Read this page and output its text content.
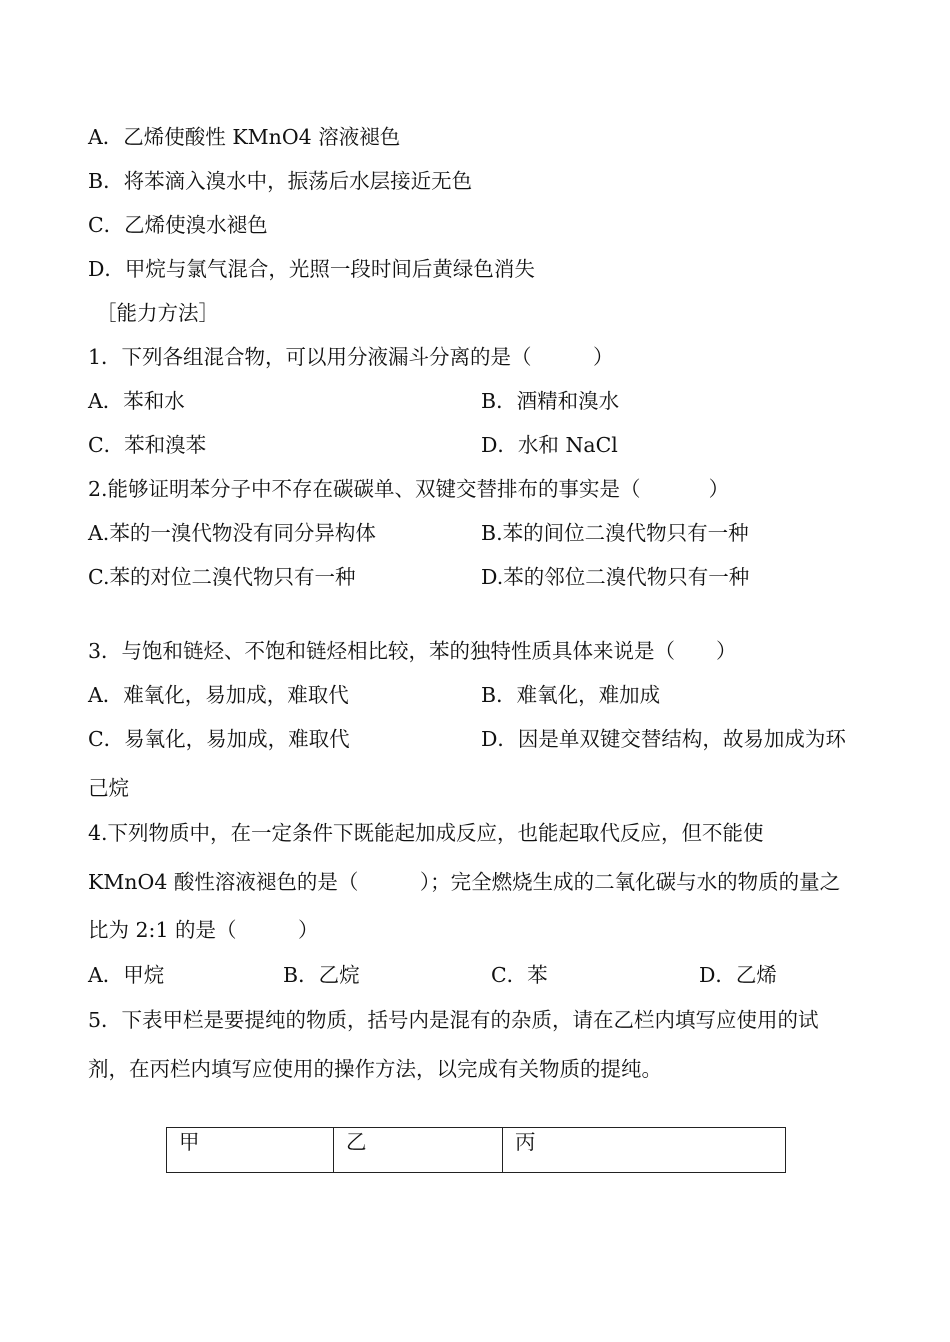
A．乙烯使酸性 KMnO4 溶液褪色
B．将苯滴入溴水中，振荡后水层接近无色
C．乙烯使溴水褪色
D．甲烷与氯气混合，光照一段时间后黄绿色消失
［能力方法］
1．下列各组混合物，可以用分液漏斗分离的是（　　　）
A．苯和水	B．酒精和溴水
C．苯和溴苯	D．水和 NaCl
2.能够证明苯分子中不存在碳碳单、双键交替排布的事实是（　　　 ）
A.苯的一溴代物没有同分异构体	B.苯的间位二溴代物只有一种
C.苯的对位二溴代物只有一种	D.苯的邻位二溴代物只有一种
3．与饱和链烃、不饱和链烃相比较，苯的独特性质具体来说是（　　）
A．难氧化，易加成，难取代	B．难氧化，难加成
C．易氧化，易加成，难取代	D．因是单双键交替结构，故易加成为环
己烷
4.下列物质中，在一定条件下既能起加成反应，也能起取代反应，但不能使
KMnO4 酸性溶液褪色的是（　　　）；完全燃烧生成的二氧化碳与水的物质的量之
比为 2:1 的是（　　　）
A．甲烷	B．乙烷	C．苯	D．乙烯
5．下表甲栏是要提纯的物质，括号内是混有的杂质，请在乙栏内填写应使用的试
剂，在丙栏内填写应使用的操作方法，以完成有关物质的提纯。
甲	乙	丙
